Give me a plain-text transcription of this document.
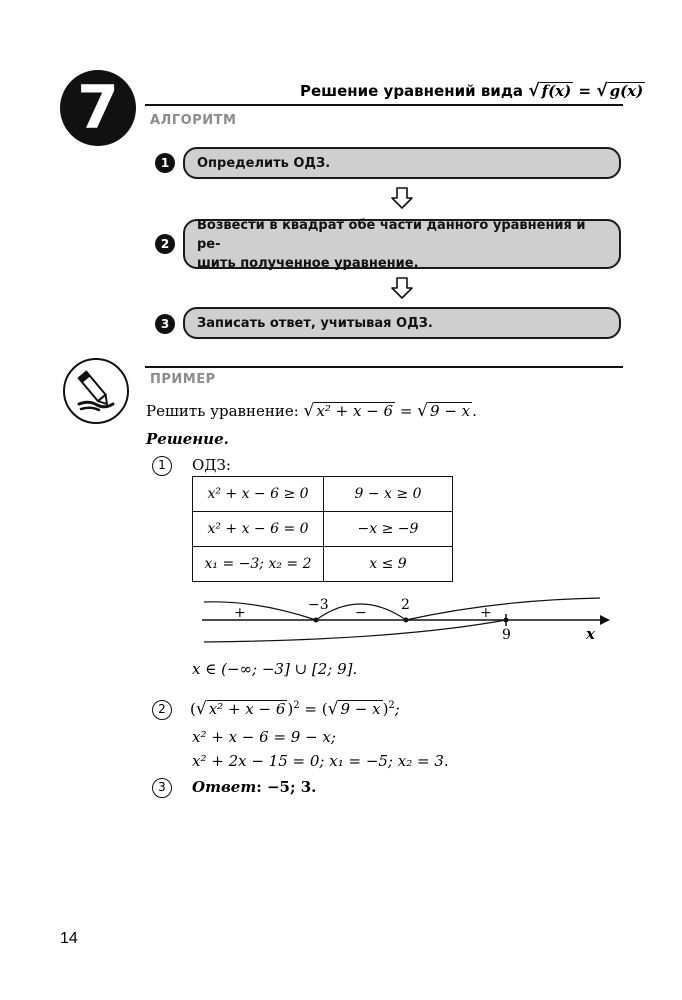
7	Решение уравнений вида √ f(x) = √ g(x)
АЛГОРИТМ
1	Определить ОДЗ.
2
Возвести в квадрат обе части данного уравнения и ре-
шить полученное уравнение.
3	Записать ответ, учитывая ОДЗ.
ПРИМЕР
Решить уравнение: √ x² + x − 6 = √ 9 − x .
Решение.
1	ОДЗ:
x² + x − 6 ≥ 0	9 − x ≥ 0
x² + x − 6 = 0	−x ≥ −9
x₁ = −3; x₂ = 2	x ≤ 9
−3	2
9
+	−	+
x
x ∈ (−∞; −3] ∪ [2; 9].
2	(√ x² + x − 6 )$^2$ = (√ 9 − x )$^2$;
x² + x − 6 = 9 − x;
x² + 2x − 15 = 0; x₁ = −5; x₂ = 3.
3	Ответ: −5; 3.
14
